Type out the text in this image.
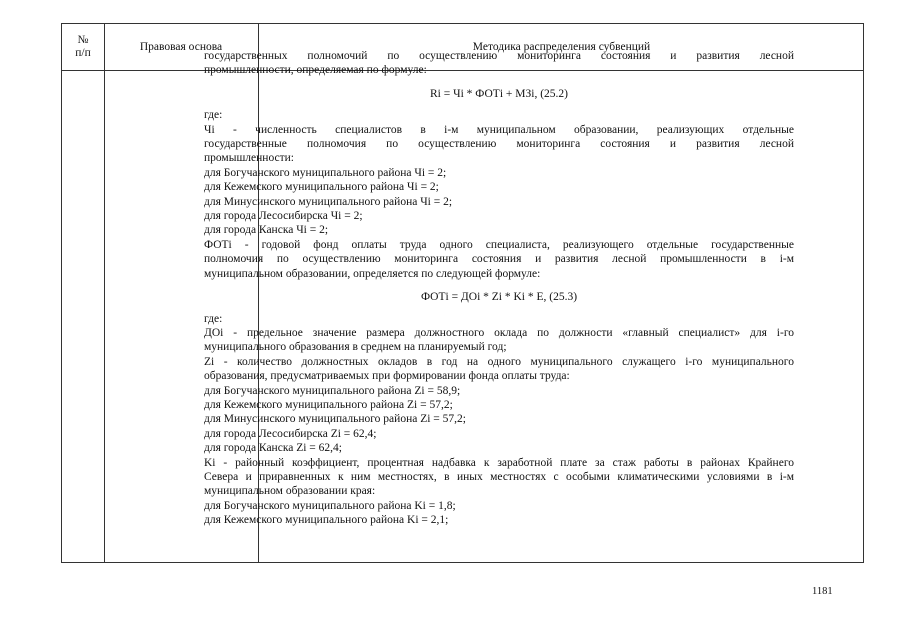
№
п/п
Правовая основа	Методика распределения субвенций

государственных полномочий по осуществлению мониторинга состояния и развития лесной

промышленности, определяемая по формуле:

Ri = Чi * ФОТi + МЗi, (25.2)

где:

Чi - численность специалистов в i-м муниципальном образовании, реализующих отдельные

государственные полномочия по осуществлению мониторинга состояния и развития лесной

промышленности:

для Богучанского муниципального района Чi = 2;

для Кежемского муниципального района Чi = 2;

для Минусинского муниципального района Чi = 2;

для города Лесосибирска Чi = 2;

для города Канска Чi = 2;

ФОТi - годовой фонд оплаты труда одного специалиста, реализующего отдельные государственные

полномочия по осуществлению мониторинга состояния и развития лесной промышленности в i-м

муниципальном образовании, определяется по следующей формуле:

ФОТi = ДОi * Zi * Ki * E, (25.3)

где:

ДОi - предельное значение размера должностного оклада по должности «главный специалист» для i-го

муниципального образования в среднем на планируемый год;

Zi - количество должностных окладов в год на одного муниципального служащего i-го муниципального

образования, предусматриваемых при формировании фонда оплаты труда:

для Богучанского муниципального района Zi = 58,9;

для Кежемского муниципального района Zi = 57,2;

для Минусинского муниципального района Zi = 57,2;

для города Лесосибирска Zi = 62,4;

для города Канска Zi = 62,4;

Ki - районный коэффициент, процентная надбавка к заработной плате за стаж работы в районах Крайнего

Севера и приравненных к ним местностях, в иных местностях с особыми климатическими условиями в i-м

муниципальном образовании края:

для Богучанского муниципального района Ki = 1,8;

для Кежемского муниципального района Ki = 2,1;

1181
